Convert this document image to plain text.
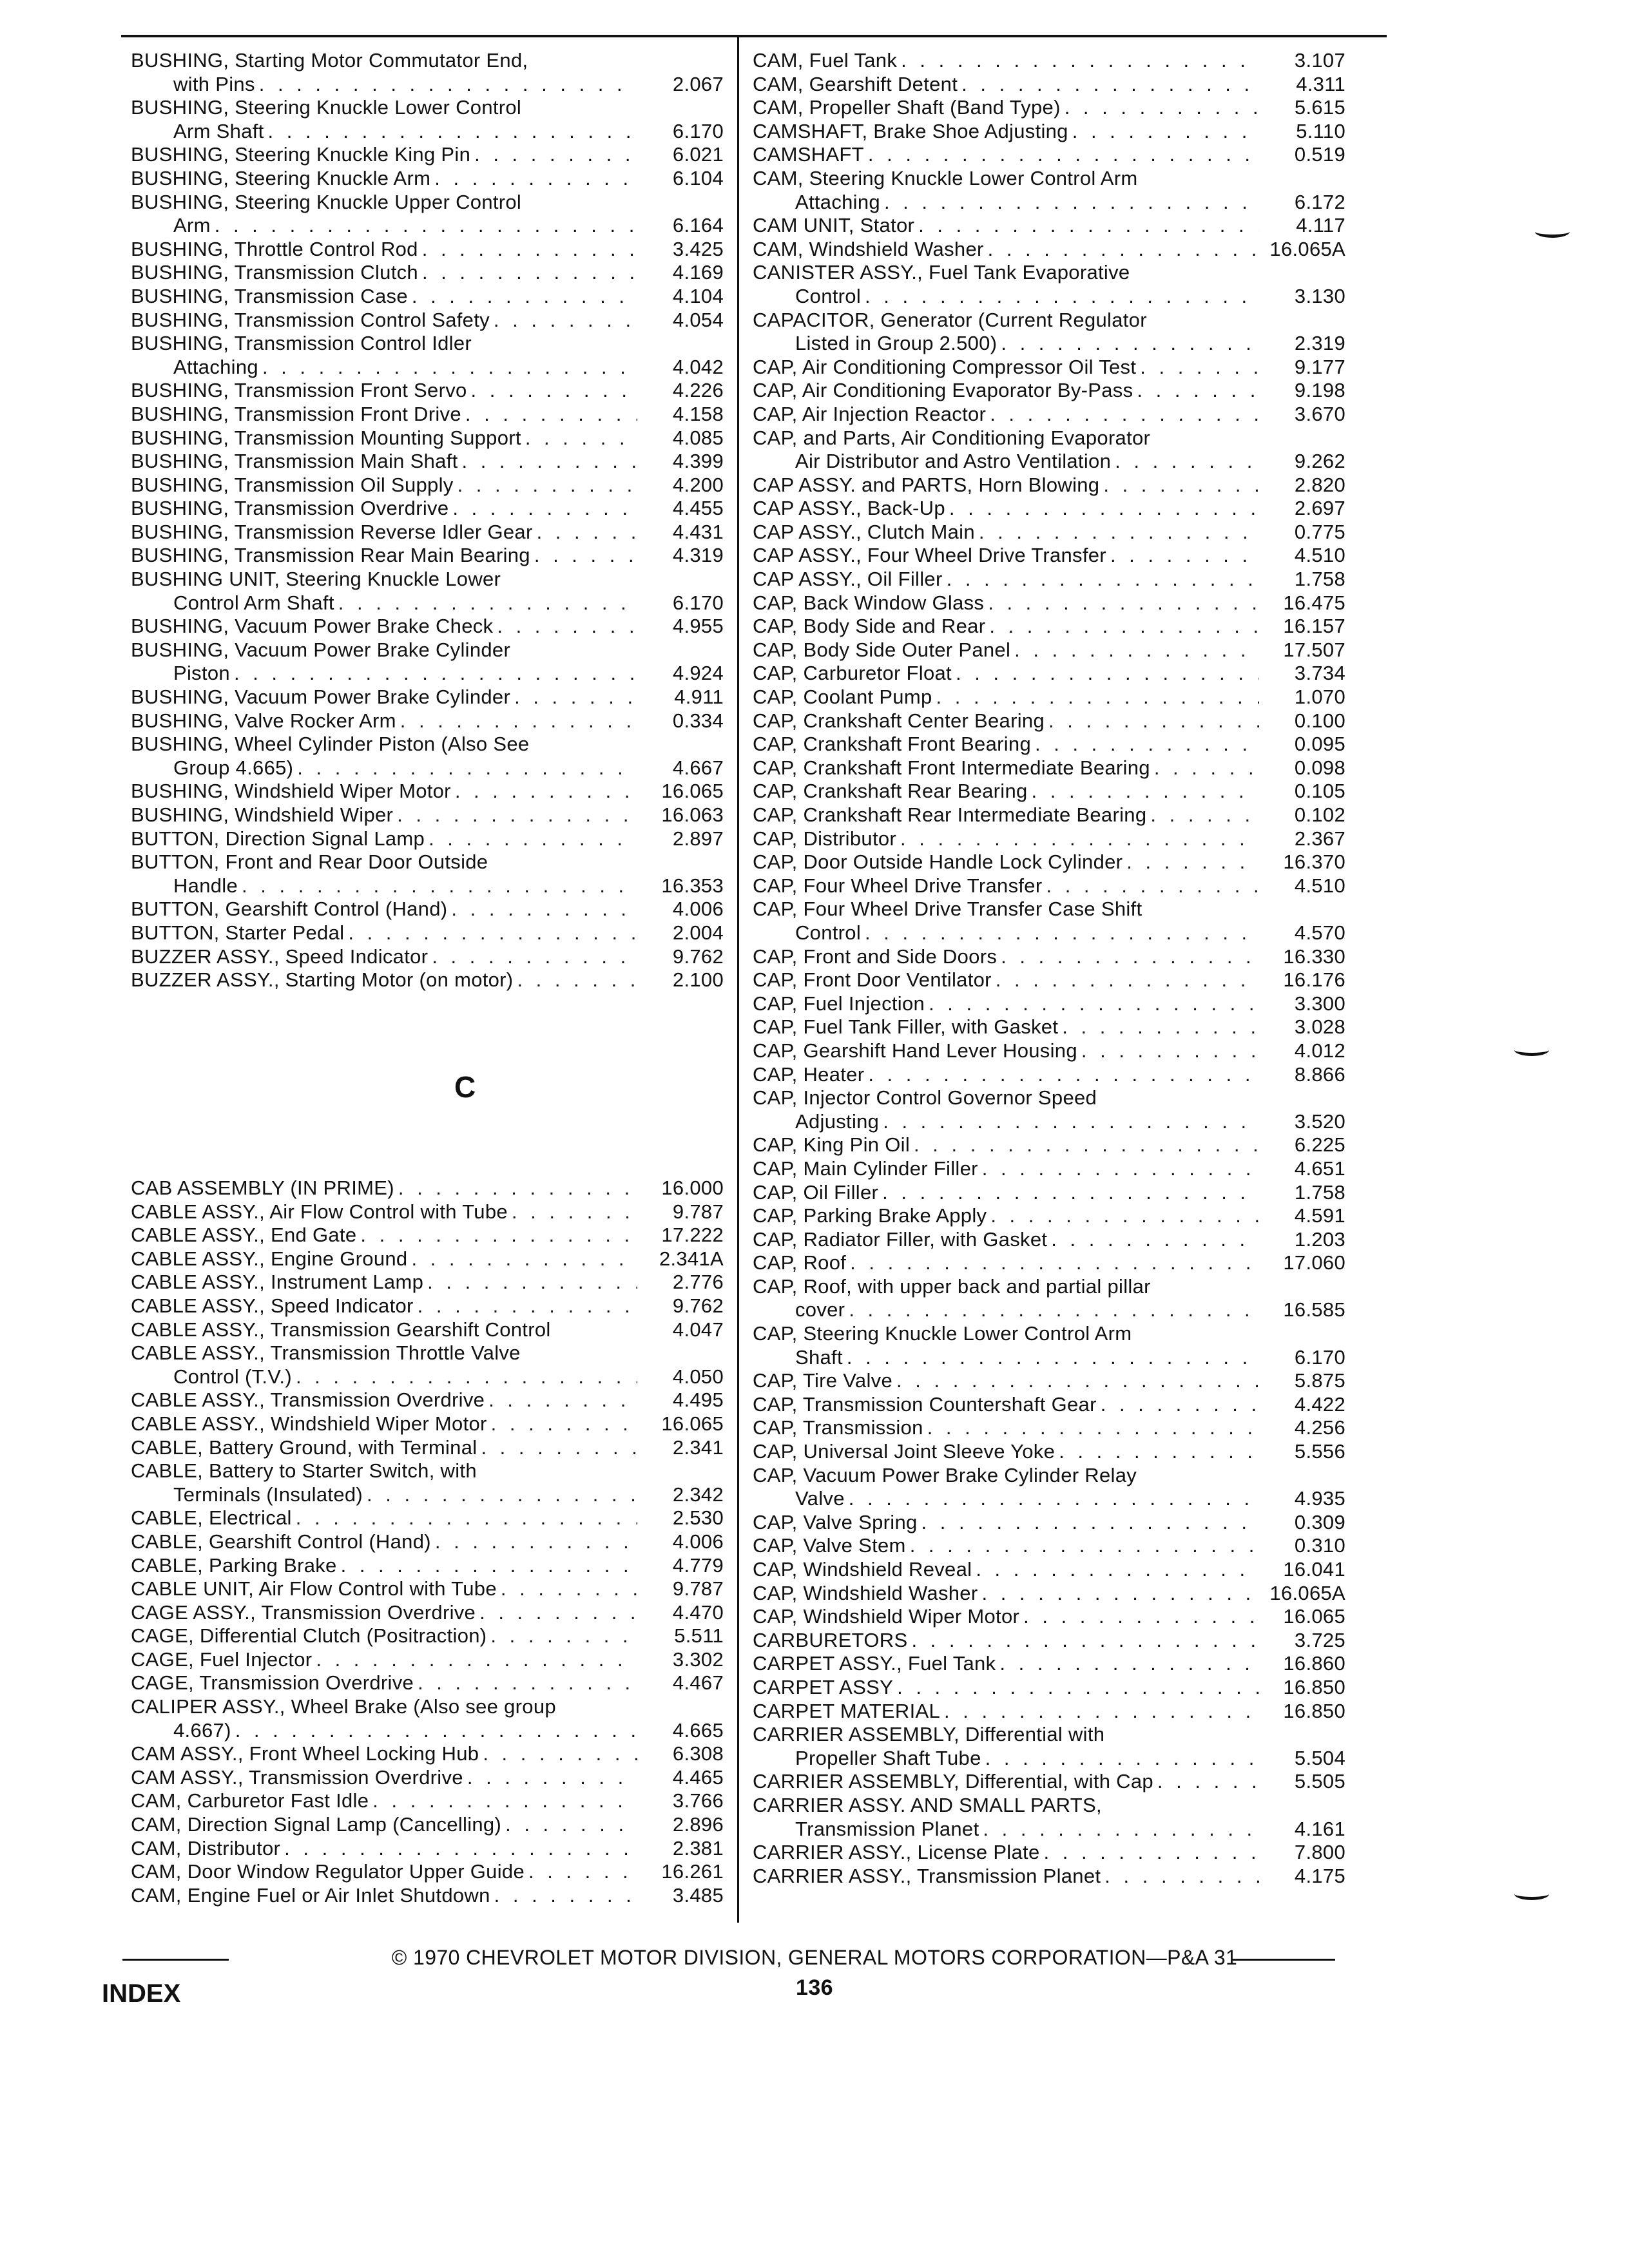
BUSHING, Starting Motor Commutator End,
with Pins . . .	2.067
BUSHING, Steering Knuckle Lower Control
Arm Shaft . . .	6.170
BUSHING, Steering Knuckle King Pin . . .	6.021
BUSHING, Steering Knuckle Arm . . .	6.104
BUSHING, Steering Knuckle Upper Control
Arm . . .	6.164
BUSHING, Throttle Control Rod . . .	3.425
BUSHING, Transmission Clutch . . .	4.169
BUSHING, Transmission Case . . .	4.104
BUSHING, Transmission Control Safety . . .	4.054
BUSHING, Transmission Control Idler
Attaching . . .	4.042
BUSHING, Transmission Front Servo . . .	4.226
BUSHING, Transmission Front Drive . . .	4.158
BUSHING, Transmission Mounting Support . . .	4.085
BUSHING, Transmission Main Shaft . . .	4.399
BUSHING, Transmission Oil Supply . . .	4.200
BUSHING, Transmission Overdrive . . .	4.455
BUSHING, Transmission Reverse Idler Gear . . .	4.431
BUSHING, Transmission Rear Main Bearing . . .	4.319
BUSHING UNIT, Steering Knuckle Lower
Control Arm Shaft . . .	6.170
BUSHING, Vacuum Power Brake Check . . .	4.955
BUSHING, Vacuum Power Brake Cylinder
Piston . . .	4.924
BUSHING, Vacuum Power Brake Cylinder . . .	4.911
BUSHING, Valve Rocker Arm . . .	0.334
BUSHING, Wheel Cylinder Piston (Also See
Group 4.665) . . .	4.667
BUSHING, Windshield Wiper Motor . . .	16.065
BUSHING, Windshield Wiper . . .	16.063
BUTTON, Direction Signal Lamp . . .	2.897
BUTTON, Front and Rear Door Outside
Handle . . .	16.353
BUTTON, Gearshift Control (Hand) . . .	4.006
BUTTON, Starter Pedal . . .	2.004
BUZZER ASSY., Speed Indicator . . .	9.762
BUZZER ASSY., Starting Motor (on motor) . . .	2.100
C
CAB ASSEMBLY (IN PRIME) . . .	16.000
CABLE ASSY., Air Flow Control with Tube . . .	9.787
CABLE ASSY., End Gate . . .	17.222
CABLE ASSY., Engine Ground . . .	2.341A
CABLE ASSY., Instrument Lamp . . .	2.776
CABLE ASSY., Speed Indicator . . .	9.762
CABLE ASSY., Transmission Gearshift Control	4.047
CABLE ASSY., Transmission Throttle Valve
Control (T.V.) . . .	4.050
CABLE ASSY., Transmission Overdrive . . .	4.495
CABLE ASSY., Windshield Wiper Motor . . .	16.065
CABLE, Battery Ground, with Terminal . . .	2.341
CABLE, Battery to Starter Switch, with
Terminals (Insulated) . . .	2.342
CABLE, Electrical . . .	2.530
CABLE, Gearshift Control (Hand) . . .	4.006
CABLE, Parking Brake . . .	4.779
CABLE UNIT, Air Flow Control with Tube . . .	9.787
CAGE ASSY., Transmission Overdrive . . .	4.470
CAGE, Differential Clutch (Positraction) . . .	5.511
CAGE, Fuel Injector . . .	3.302
CAGE, Transmission Overdrive . . .	4.467
CALIPER ASSY., Wheel Brake (Also see group
4.667) . . .	4.665
CAM ASSY., Front Wheel Locking Hub . . .	6.308
CAM ASSY., Transmission Overdrive . . .	4.465
CAM, Carburetor Fast Idle . . .	3.766
CAM, Direction Signal Lamp (Cancelling) . . .	2.896
CAM, Distributor . . .	2.381
CAM, Door Window Regulator Upper Guide . . .	16.261
CAM, Engine Fuel or Air Inlet Shutdown . . .	3.485
CAM, Fuel Tank . . .	3.107
CAM, Gearshift Detent . . .	4.311
CAM, Propeller Shaft (Band Type) . . .	5.615
CAMSHAFT, Brake Shoe Adjusting . . .	5.110
CAMSHAFT . . .	0.519
CAM, Steering Knuckle Lower Control Arm
Attaching . . .	6.172
CAM UNIT, Stator . . .	4.117
CAM, Windshield Washer . . .	16.065A
CANISTER ASSY., Fuel Tank Evaporative
Control . . .	3.130
CAPACITOR, Generator (Current Regulator
Listed in Group 2.500) . . .	2.319
CAP, Air Conditioning Compressor Oil Test . . .	9.177
CAP, Air Conditioning Evaporator By-Pass . . .	9.198
CAP, Air Injection Reactor . . .	3.670
CAP, and Parts, Air Conditioning Evaporator
Air Distributor and Astro Ventilation . . .	9.262
CAP ASSY. and PARTS, Horn Blowing . . .	2.820
CAP ASSY., Back-Up . . .	2.697
CAP ASSY., Clutch Main . . .	0.775
CAP ASSY., Four Wheel Drive Transfer . . .	4.510
CAP ASSY., Oil Filler . . .	1.758
CAP, Back Window Glass . . .	16.475
CAP, Body Side and Rear . . .	16.157
CAP, Body Side Outer Panel . . .	17.507
CAP, Carburetor Float . . .	3.734
CAP, Coolant Pump . . .	1.070
CAP, Crankshaft Center Bearing . . .	0.100
CAP, Crankshaft Front Bearing . . .	0.095
CAP, Crankshaft Front Intermediate Bearing . . .	0.098
CAP, Crankshaft Rear Bearing . . .	0.105
CAP, Crankshaft Rear Intermediate Bearing . . .	0.102
CAP, Distributor . . .	2.367
CAP, Door Outside Handle Lock Cylinder . . .	16.370
CAP, Four Wheel Drive Transfer . . .	4.510
CAP, Four Wheel Drive Transfer Case Shift
Control . . .	4.570
CAP, Front and Side Doors . . .	16.330
CAP, Front Door Ventilator . . .	16.176
CAP, Fuel Injection . . .	3.300
CAP, Fuel Tank Filler, with Gasket . . .	3.028
CAP, Gearshift Hand Lever Housing . . .	4.012
CAP, Heater . . .	8.866
CAP, Injector Control Governor Speed
Adjusting . . .	3.520
CAP, King Pin Oil . . .	6.225
CAP, Main Cylinder Filler . . .	4.651
CAP, Oil Filler . . .	1.758
CAP, Parking Brake Apply . . .	4.591
CAP, Radiator Filler, with Gasket . . .	1.203
CAP, Roof . . .	17.060
CAP, Roof, with upper back and partial pillar
cover . . .	16.585
CAP, Steering Knuckle Lower Control Arm
Shaft . . .	6.170
CAP, Tire Valve . . .	5.875
CAP, Transmission Countershaft Gear . . .	4.422
CAP, Transmission . . .	4.256
CAP, Universal Joint Sleeve Yoke . . .	5.556
CAP, Vacuum Power Brake Cylinder Relay
Valve . . .	4.935
CAP, Valve Spring . . .	0.309
CAP, Valve Stem . . .	0.310
CAP, Windshield Reveal . . .	16.041
CAP, Windshield Washer . . .	16.065A
CAP, Windshield Wiper Motor . . .	16.065
CARBURETORS . . .	3.725
CARPET ASSY., Fuel Tank . . .	16.860
CARPET ASSY . . .	16.850
CARPET MATERIAL . . .	16.850
CARRIER ASSEMBLY, Differential with
Propeller Shaft Tube . . .	5.504
CARRIER ASSEMBLY, Differential, with Cap . . .	5.505
CARRIER ASSY. AND SMALL PARTS,
Transmission Planet . . .	4.161
CARRIER ASSY., License Plate . . .	7.800
CARRIER ASSY., Transmission Planet . . .	4.175
© 1970 CHEVROLET MOTOR DIVISION, GENERAL MOTORS CORPORATION—P&A 31
136
INDEX
